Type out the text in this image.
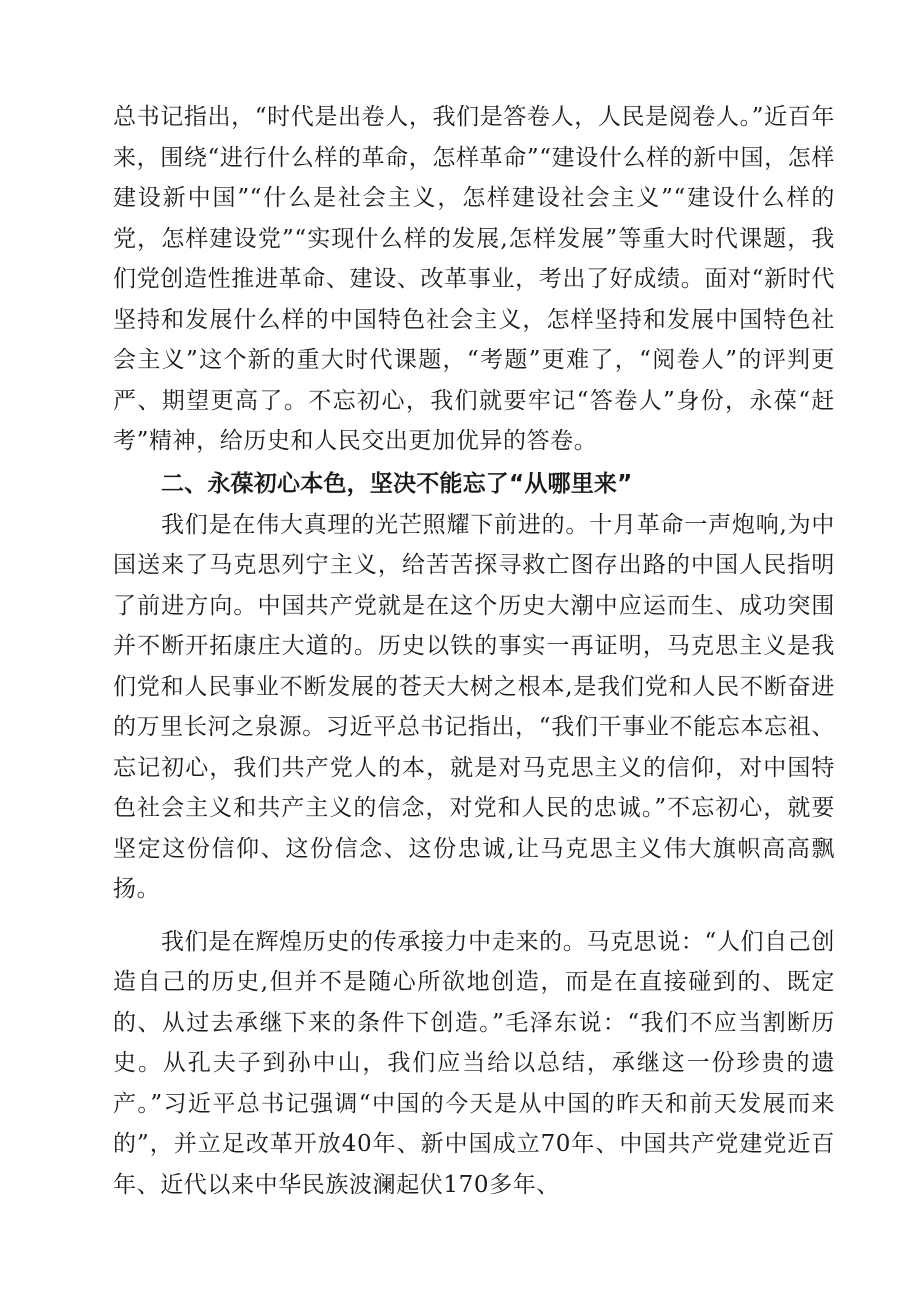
总书记指出，“时代是出卷人，我们是答卷人，人民是阅卷人。”近百年来，围绕“进行什么样的革命，怎样革命”“建设什么样的新中国，怎样建设新中国”“什么是社会主义，怎样建设社会主义”“建设什么样的党，怎样建设党”“实现什么样的发展,怎样发展”等重大时代课题，我们党创造性推进革命、建设、改革事业，考出了好成绩。面对“新时代坚持和发展什么样的中国特色社会主义，怎样坚持和发展中国特色社会主义”这个新的重大时代课题，“考题”更难了，“阅卷人”的评判更严、期望更高了。不忘初心，我们就要牢记“答卷人”身份，永葆“赶考”精神，给历史和人民交出更加优异的答卷。

二、永葆初心本色，坚决不能忘了“从哪里来”

我们是在伟大真理的光芒照耀下前进的。十月革命一声炮响,为中国送来了马克思列宁主义，给苦苦探寻救亡图存出路的中国人民指明了前进方向。中国共产党就是在这个历史大潮中应运而生、成功突围并不断开拓康庄大道的。历史以铁的事实一再证明，马克思主义是我们党和人民事业不断发展的苍天大树之根本,是我们党和人民不断奋进的万里长河之泉源。习近平总书记指出，“我们干事业不能忘本忘祖、忘记初心，我们共产党人的本，就是对马克思主义的信仰，对中国特色社会主义和共产主义的信念，对党和人民的忠诚。”不忘初心，就要坚定这份信仰、这份信念、这份忠诚,让马克思主义伟大旗帜高高飘扬。

我们是在辉煌历史的传承接力中走来的。马克思说：“人们自己创造自己的历史,但并不是随心所欲地创造，而是在直接碰到的、既定的、从过去承继下来的条件下创造。”毛泽东说：“我们不应当割断历史。从孔夫子到孙中山，我们应当给以总结，承继这一份珍贵的遗产。”习近平总书记强调“中国的今天是从中国的昨天和前天发展而来的”，并立足改革开放40年、新中国成立70年、中国共产党建党近百年、近代以来中华民族波澜起伏170多年、
